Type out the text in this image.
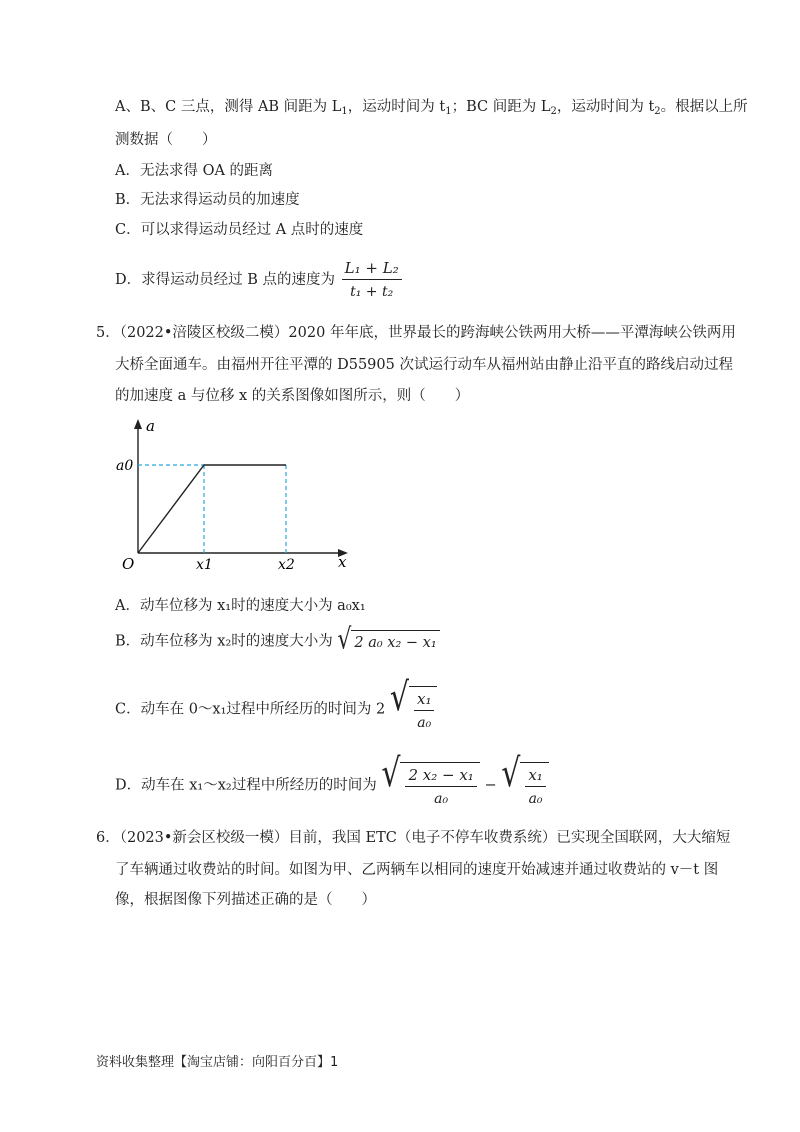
A、B、C 三点，测得 AB 间距为 $L_1$，运动时间为 $t_1$；BC 间距为 $L_2$，运动时间为 $t_2$。根据以上所
测数据（　　）
A．无法求得 OA 的距离
B．无法求得运动员的加速度
C．可以求得运动员经过 A 点时的速度
D．求得运动员经过 B 点的速度为 $\frac{\text{L₁ + L₂}}{\text{t₁ + t₂}}$
5．（2022•涪陵区校级二模）2020 年年底，世界最长的跨海峡公铁两用大桥——平潭海峡公铁两用
大桥全面通车。由福州开往平潭的 D55905 次试运行动车从福州站由静止沿平直的路线启动过程
的加速度 a 与位移 x 的关系图像如图所示，则（　　）
a
x
O
a0
x1	x2
A．动车位移为 x₁时的速度大小为 a₀x₁
B．动车位移为 x₂时的速度大小为 √ 2 a₀ x₂ − x₁
C．动车在 0～x₁过程中所经历的时间为 2 √ $\frac{\text{x₁}}{\text{a₀}}$
D．动车在 x₁～x₂过程中所经历的时间为 √ $\frac{\text{2 x₂ − x₁}}{\text{a₀}}$ − √ $\frac{\text{x₁}}{\text{a₀}}$
6．（2023•新会区校级一模）目前，我国 ETC（电子不停车收费系统）已实现全国联网，大大缩短
了车辆通过收费站的时间。如图为甲、乙两辆车以相同的速度开始减速并通过收费站的 v－t 图
像，根据图像下列描述正确的是（　　）
资料收集整理【淘宝店铺：向阳百分百】1
